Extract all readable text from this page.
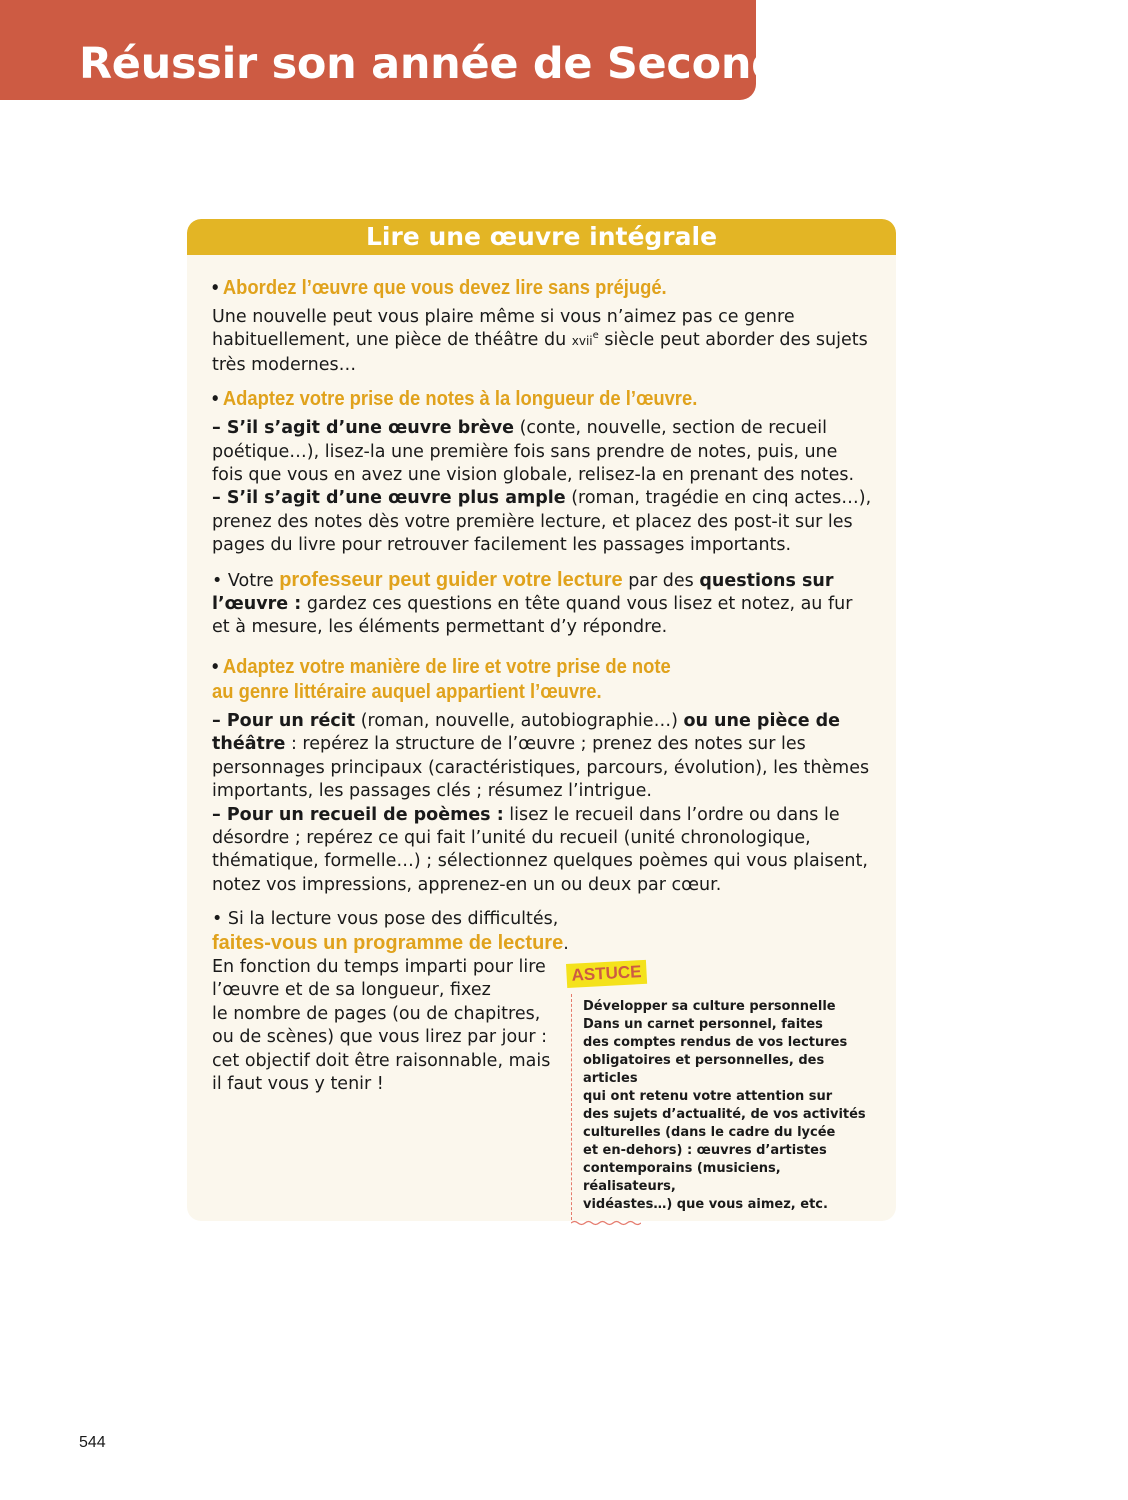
Réussir son année de Seconde
Lire une œuvre intégrale
• Abordez l’œuvre que vous devez lire sans préjugé.

Une nouvelle peut vous plaire même si vous n’aimez pas ce genre habituellement, une pièce de théâtre du xvii$^e$ siècle peut aborder des sujets très modernes…

• Adaptez votre prise de notes à la longueur de l’œuvre.

– S’il s’agit d’une œuvre brève (conte, nouvelle, section de recueil poétique…), lisez-la une première fois sans prendre de notes, puis, une fois que vous en avez une vision globale, relisez-la en prenant des notes.

– S’il s’agit d’une œuvre plus ample (roman, tragédie en cinq actes…), prenez des notes dès votre première lecture, et placez des post-it sur les pages du livre pour retrouver facilement les passages importants.

• Votre professeur peut guider votre lecture par des questions sur l’œuvre : gardez ces questions en tête quand vous lisez et notez, au fur et à mesure, les éléments permettant d’y répondre.

• Adaptez votre manière de lire et votre prise de note
au genre littéraire auquel appartient l’œuvre.

– Pour un récit (roman, nouvelle, autobiographie…) ou une pièce de théâtre : repérez la structure de l’œuvre ; prenez des notes sur les personnages principaux (caractéristiques, parcours, évolution), les thèmes importants, les passages clés ; résumez l’intrigue.

– Pour un recueil de poèmes : lisez le recueil dans l’ordre ou dans le désordre ; repérez ce qui fait l’unité du recueil (unité chronologique, thématique, formelle…) ; sélectionnez quelques poèmes qui vous plaisent, notez vos impressions, apprenez-en un ou deux par cœur.

• Si la lecture vous pose des difficultés,

faites-vous un programme de lecture.

En fonction du temps imparti pour lire

l’œuvre et de sa longueur, fixez

le nombre de pages (ou de chapitres,

ou de scènes) que vous lirez par jour :

cet objectif doit être raisonnable, mais

il faut vous y tenir !

ASTUCE
Développer sa culture personnelle
Dans un carnet personnel, faites
des comptes rendus de vos lectures
obligatoires et personnelles, des articles
qui ont retenu votre attention sur
des sujets d’actualité, de vos activités
culturelles (dans le cadre du lycée
et en-dehors) : œuvres d’artistes
contemporains (musiciens, réalisateurs,
vidéastes…) que vous aimez, etc.
544
